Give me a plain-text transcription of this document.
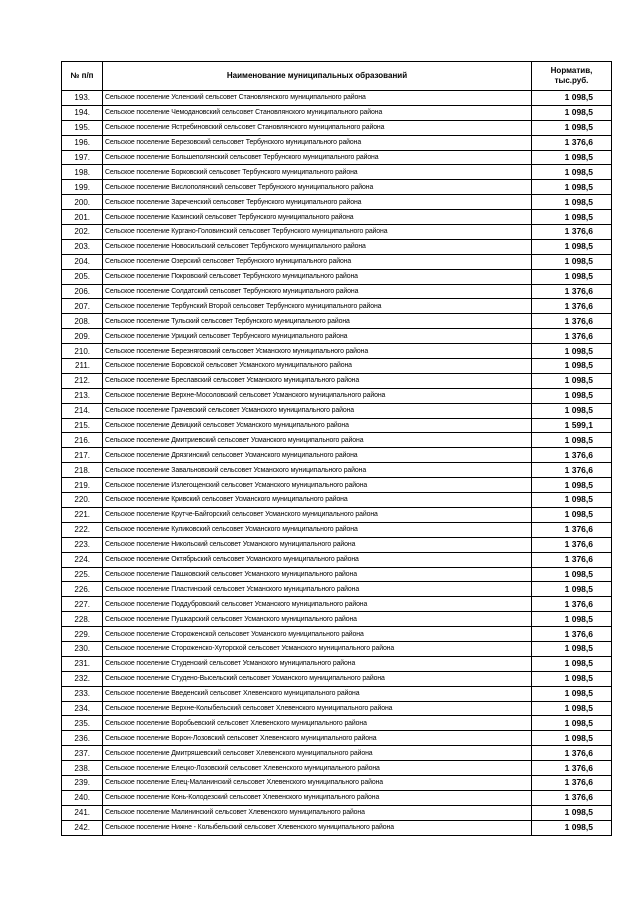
№ п/п	Наименование муниципальных образований	Норматив,
тыс.руб.
193.	Сельское поселение Усленский сельсовет Становлянского муниципального района	1 098,5
194.	Сельское поселение Чемодановский сельсовет Становлянского муниципального района	1 098,5
195.	Сельское поселение Ястребиновский сельсовет Становлянского муниципального района	1 098,5
196.	Сельское поселение Березовский сельсовет Тербунского муниципального района	1 376,6
197.	Сельское поселение Большеполянский сельсовет Тербунского муниципального района	1 098,5
198.	Сельское поселение Борковский сельсовет Тербунского муниципального района	1 098,5
199.	Сельское поселение Вислополянский сельсовет Тербунского муниципального района	1 098,5
200.	Сельское поселение Зареченский сельсовет Тербунского муниципального района	1 098,5
201.	Сельское поселение Казинский сельсовет Тербунского муниципального района	1 098,5
202.	Сельское поселение Кургано-Головинский сельсовет Тербунского муниципального района	1 376,6
203.	Сельское поселение Новосильский сельсовет Тербунского муниципального района	1 098,5
204.	Сельское поселение Озерский сельсовет Тербунского муниципального района	1 098,5
205.	Сельское поселение Покровский сельсовет Тербунского муниципального района	1 098,5
206.	Сельское поселение Солдатский сельсовет Тербунского муниципального района	1 376,6
207.	Сельское поселение Тербунский Второй сельсовет Тербунского муниципального района	1 376,6
208.	Сельское поселение Тульский сельсовет Тербунского муниципального района	1 376,6
209.	Сельское поселение Урицкий сельсовет Тербунского муниципального района	1 376,6
210.	Сельское поселение Березняговский сельсовет Усманского муниципального района	1 098,5
211.	Сельское поселение Боровской сельсовет Усманского муниципального района	1 098,5
212.	Сельское поселение Бреславский сельсовет Усманского муниципального района	1 098,5
213.	Сельское поселение Верхне-Мосоловский сельсовет Усманского муниципального района	1 098,5
214.	Сельское поселение Грачевский сельсовет Усманского муниципального района	1 098,5
215.	Сельское поселение Девицкий сельсовет Усманского муниципального района	1 599,1
216.	Сельское поселение Дмитриевский сельсовет Усманского муниципального района	1 098,5
217.	Сельское поселение Дрязгинский сельсовет Усманского муниципального района	1 376,6
218.	Сельское поселение Завальновский сельсовет Усманского муниципального района	1 376,6
219.	Сельское поселение Излегощенский сельсовет Усманского муниципального района	1 098,5
220.	Сельское поселение Кривский сельсовет Усманского муниципального района	1 098,5
221.	Сельское поселение Крутче-Байгорский сельсовет Усманского муниципального района	1 098,5
222.	Сельское поселение Куликовский сельсовет Усманского муниципального района	1 376,6
223.	Сельское поселение Никольский сельсовет Усманского муниципального района	1 376,6
224.	Сельское поселение Октябрьский сельсовет Усманского муниципального района	1 376,6
225.	Сельское поселение Пашковский сельсовет Усманского муниципального района	1 098,5
226.	Сельское поселение Пластинский сельсовет Усманского муниципального района	1 098,5
227.	Сельское поселение Поддубровский сельсовет Усманского муниципального района	1 376,6
228.	Сельское поселение Пушкарский сельсовет Усманского муниципального района	1 098,5
229.	Сельское поселение Стороженской сельсовет Усманского муниципального района	1 376,6
230.	Сельское поселение Стороженско-Хуторской сельсовет Усманского муниципального района	1 098,5
231.	Сельское поселение Студенский сельсовет Усманского муниципального района	1 098,5
232.	Сельское поселение Студено-Высельский сельсовет Усманского муниципального района	1 098,5
233.	Сельское поселение Введенский сельсовет Хлевенского муниципального района	1 098,5
234.	Сельское поселение Верхне-Колыбельский сельсовет Хлевенского муниципального района	1 098,5
235.	Сельское поселение Воробьевский сельсовет Хлевенского муниципального района	1 098,5
236.	Сельское поселение Ворон-Лозовский сельсовет Хлевенского муниципального района	1 098,5
237.	Сельское поселение Дмитряшевский сельсовет Хлевенского муниципального района	1 376,6
238.	Сельское поселение Елецко-Лозовский сельсовет Хлевенского муниципального района	1 376,6
239.	Сельское поселение Елец-Маланинский сельсовет Хлевенского муниципального района	1 376,6
240.	Сельское поселение Конь-Колодезский сельсовет Хлевенского муниципального района	1 376,6
241.	Сельское поселение Малининский сельсовет Хлевенского муниципального района	1 098,5
242.	Сельское поселение Нижне - Колыбельский сельсовет Хлевенского муниципального района	1 098,5
